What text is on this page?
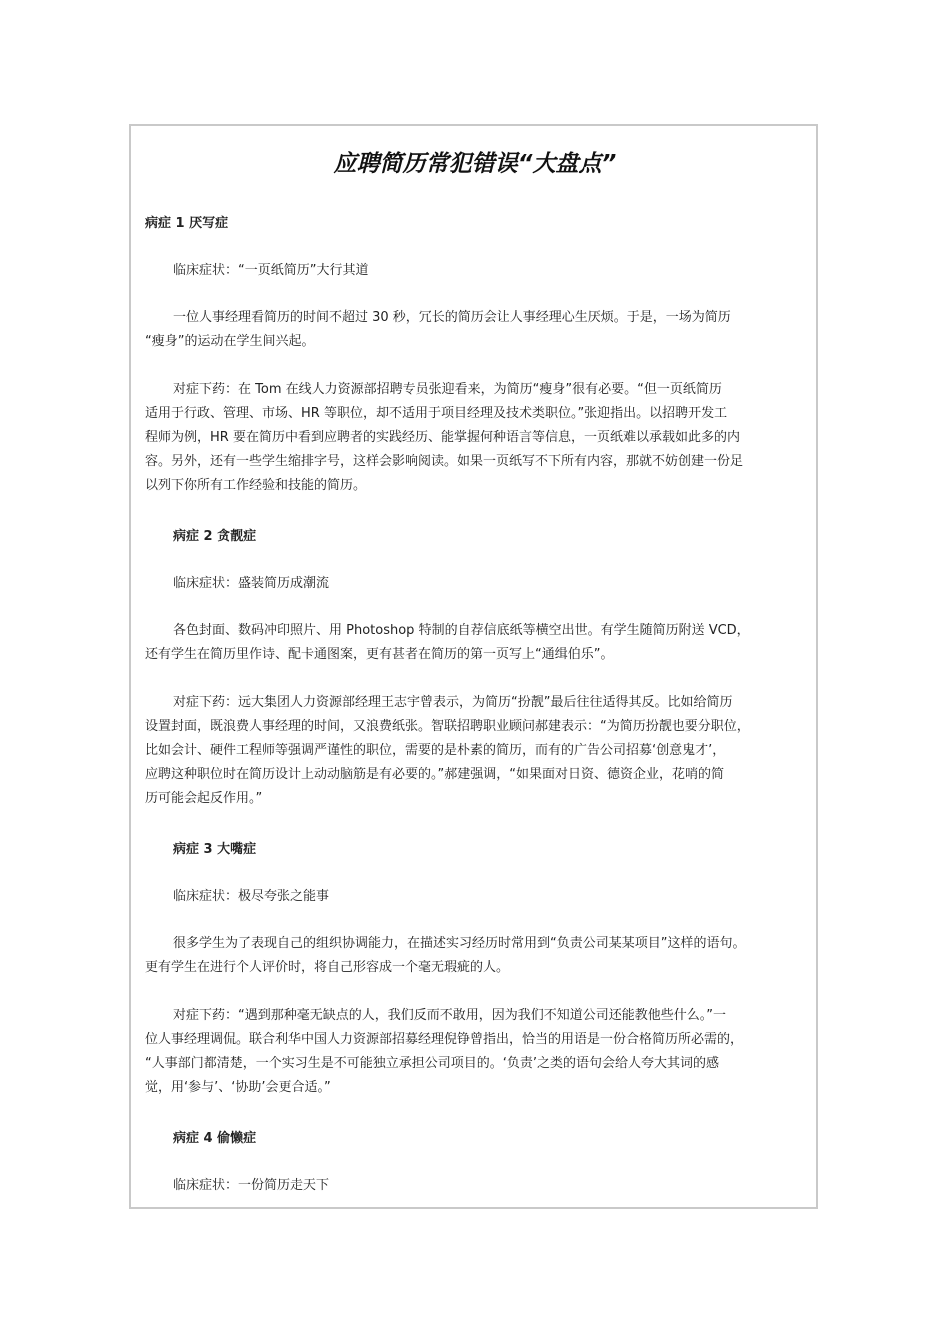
应聘简历常犯错误“大盘点”
病症 1 厌写症
临床症状：“一页纸简历”大行其道
一位人事经理看简历的时间不超过 30 秒，冗长的简历会让人事经理心生厌烦。于是，一场为简历
“瘦身”的运动在学生间兴起。
对症下药：在 Tom 在线人力资源部招聘专员张迎看来，为简历“瘦身”很有必要。“但一页纸简历
适用于行政、管理、市场、HR 等职位，却不适用于项目经理及技术类职位。”张迎指出。以招聘开发工
程师为例，HR 要在简历中看到应聘者的实践经历、能掌握何种语言等信息，一页纸难以承载如此多的内
容。另外，还有一些学生缩排字号，这样会影响阅读。如果一页纸写不下所有内容，那就不妨创建一份足
以列下你所有工作经验和技能的简历。
病症 2 贪靓症
临床症状：盛装简历成潮流
各色封面、数码冲印照片、用 Photoshop 特制的自荐信底纸等横空出世。有学生随简历附送 VCD，
还有学生在简历里作诗、配卡通图案，更有甚者在简历的第一页写上“通缉伯乐”。
对症下药：远大集团人力资源部经理王志宇曾表示，为简历“扮靓”最后往往适得其反。比如给简历
设置封面，既浪费人事经理的时间，又浪费纸张。智联招聘职业顾问郝建表示：“为简历扮靓也要分职位，
比如会计、硬件工程师等强调严谨性的职位，需要的是朴素的简历，而有的广告公司招募‘创意鬼才’，
应聘这种职位时在简历设计上动动脑筋是有必要的。”郝建强调，“如果面对日资、德资企业，花哨的简
历可能会起反作用。”
病症 3 大嘴症
临床症状：极尽夸张之能事
很多学生为了表现自己的组织协调能力，在描述实习经历时常用到“负责公司某某项目”这样的语句。
更有学生在进行个人评价时，将自己形容成一个毫无瑕疵的人。
对症下药：“遇到那种毫无缺点的人，我们反而不敢用，因为我们不知道公司还能教他些什么。”一
位人事经理调侃。联合利华中国人力资源部招募经理倪铮曾指出，恰当的用语是一份合格简历所必需的，
“人事部门都清楚，一个实习生是不可能独立承担公司项目的。‘负责’之类的语句会给人夸大其词的感
觉，用‘参与’、‘协助’会更合适。”
病症 4 偷懒症
临床症状：一份简历走天下
